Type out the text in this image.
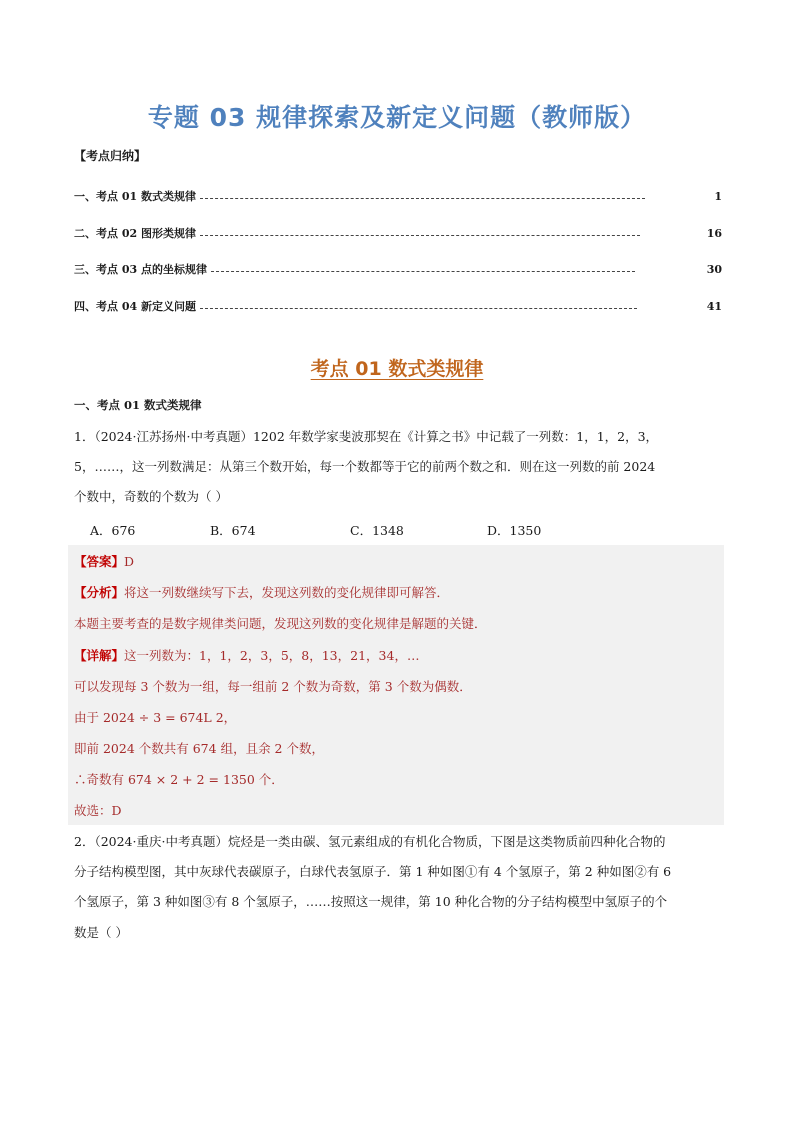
专题 03 规律探索及新定义问题（教师版）
【考点归纳】
一、考点 01 数式类规律	1
二、考点 02 图形类规律	16
三、考点 03 点的坐标规律	30
四、考点 04 新定义问题	41
考点 01 数式类规律
一、考点 01 数式类规律
1．（2024·江苏扬州·中考真题）1202 年数学家斐波那契在《计算之书》中记载了一列数：1，1，2，3，
5，……，这一列数满足：从第三个数开始，每一个数都等于它的前两个数之和．则在这一列数的前 2024
个数中，奇数的个数为（ ）
A．676	B．674	C．1348	D．1350
【答案】D
【分析】将这一列数继续写下去，发现这列数的变化规律即可解答．
本题主要考查的是数字规律类问题，发现这列数的变化规律是解题的关键．
【详解】这一列数为：1，1，2，3，5，8，13，21，34，…
可以发现每 3 个数为一组，每一组前 2 个数为奇数，第 3 个数为偶数．
由于 2024 ÷ 3 = 674L 2，
即前 2024 个数共有 674 组，且余 2 个数，
∴奇数有 674 × 2 + 2 = 1350 个．
故选：D
2．（2024·重庆·中考真题）烷烃是一类由碳、氢元素组成的有机化合物质，下图是这类物质前四种化合物的
分子结构模型图，其中灰球代表碳原子，白球代表氢原子．第 1 种如图①有 4 个氢原子，第 2 种如图②有 6
个氢原子，第 3 种如图③有 8 个氢原子，……按照这一规律，第 10 种化合物的分子结构模型中氢原子的个
数是（ ）
